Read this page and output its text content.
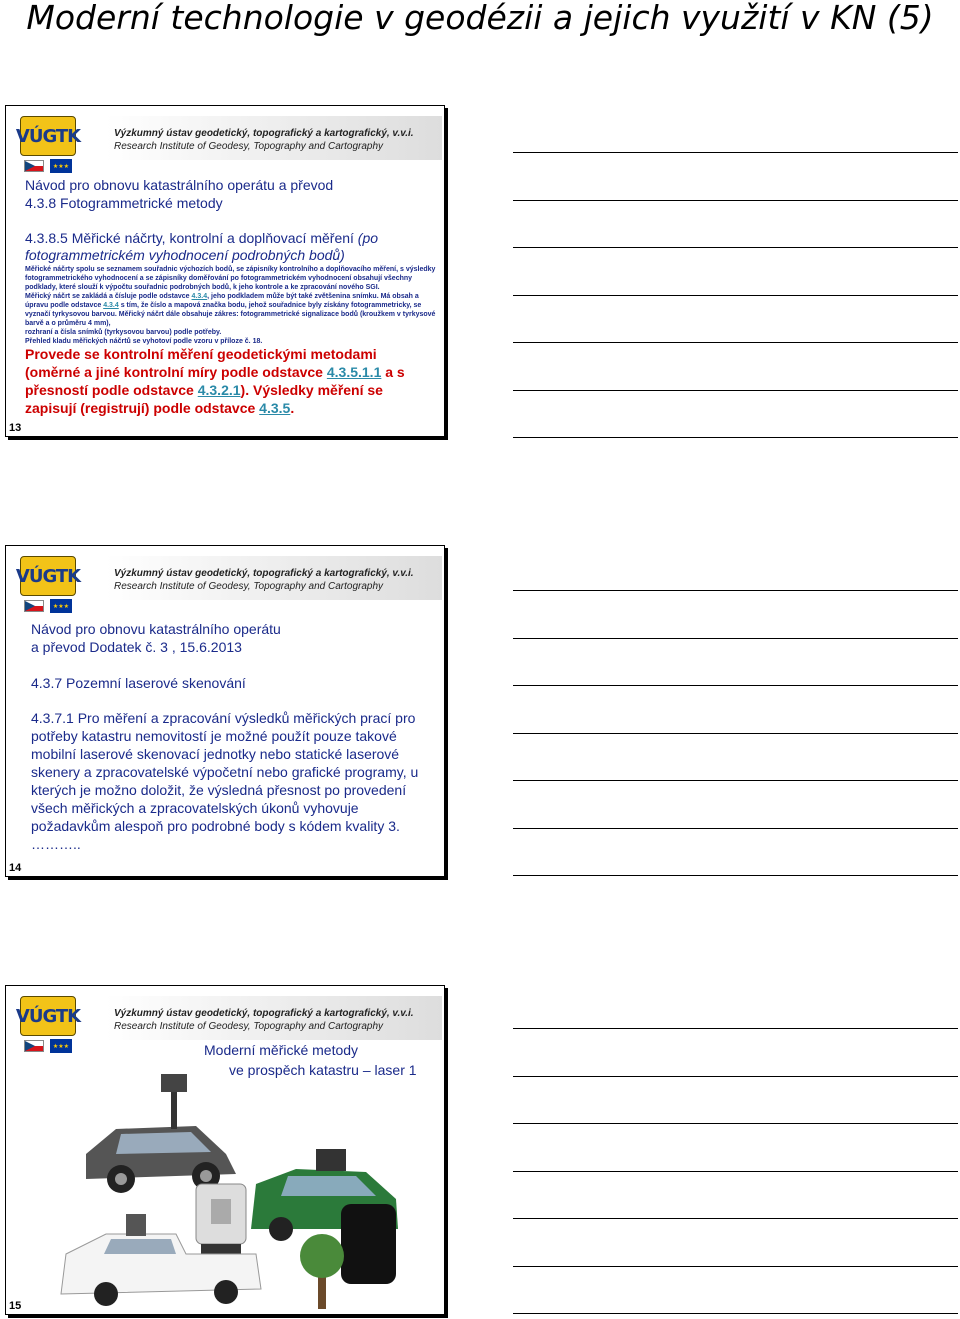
Moderní technologie v geodézii a jejich využití v KN (5)
VÚGTK
★★★
Výzkumný ústav geodetický, topografický a kartografický, v.v.i.
Research Institute of Geodesy, Topography and Cartography
Návod pro obnovu katastrálního operátu a převod
4.3.8 Fotogrammetrické metody
4.3.8.5 Měřické náčrty, kontrolní a doplňovací měření (po fotogrammetrickém vyhodnocení podrobných bodů)
Měřické náčrty spolu se seznamem souřadnic výchozích bodů, se zápisníky kontrolního a doplňovacího měření, s výsledky fotogrammetrického vyhodnocení a se zápisníky doměřování po fotogrammetrickém vyhodnocení obsahují všechny podklady, které slouží k výpočtu souřadnic podrobných bodů, k jeho kontrole a ke zpracování nového SGI.
Měřický náčrt se zakládá a čísluje podle odstavce 4.3.4, jeho podkladem může být také zvětšenina snímku. Má obsah a úpravu podle odstavce 4.3.4 s tím, že číslo a mapová značka bodu, jehož souřadnice byly získány fotogrammetricky, se vyznačí tyrkysovou barvou. Měřický náčrt dále obsahuje zákres: fotogrammetrické signalizace bodů (kroužkem v tyrkysové barvě a o průměru 4 mm),
rozhraní a čísla snímků (tyrkysovou barvou) podle potřeby.
Přehled kladu měřických náčrtů se vyhotoví podle vzoru v příloze č. 18.
Provede se kontrolní měření geodetickými metodami (oměrné a jiné kontrolní míry podle odstavce 4.3.5.1.1 a s přesností podle odstavce 4.3.2.1). Výsledky měření se zapisují (registrují) podle odstavce 4.3.5.
13
VÚGTK
★★★
Výzkumný ústav geodetický, topografický a kartografický, v.v.i.
Research Institute of Geodesy, Topography and Cartography
Návod pro obnovu katastrálního operátu
a převod Dodatek č. 3 , 15.6.2013
4.3.7 Pozemní laserové skenování
4.3.7.1 Pro měření a zpracování výsledků měřických prací pro potřeby katastru nemovitostí je možné použít pouze takové mobilní laserové skenovací jednotky nebo statické laserové skenery a zpracovatelské výpočetní nebo grafické programy, u kterých je možno doložit, že výsledná přesnost po provedení všech měřických a zpracovatelských úkonů vyhovuje požadavkům alespoň pro podrobné body s kódem kvality 3. ………..
14
VÚGTK
★★★
Výzkumný ústav geodetický, topografický a kartografický, v.v.i.
Research Institute of Geodesy, Topography and Cartography
Moderní měřické metody
ve prospěch katastru – laser 1
15
